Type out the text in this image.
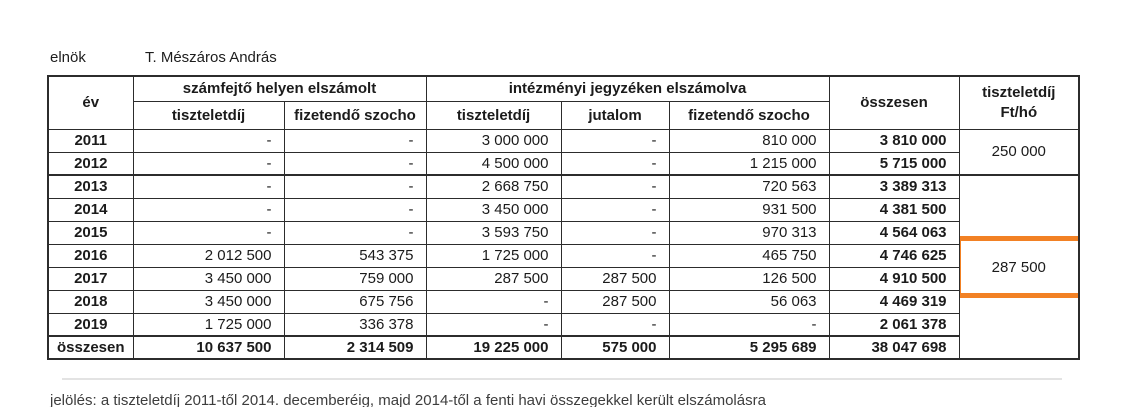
elnök	T. Mészáros András
év	számfejtő helyen elszámolt		intézményi jegyzéken elszámolva			összesen	tiszteletdíj
Ft/hó

	tiszteletdíj	fizetendő szocho	tiszteletdíj	jutalom	fizetendő szocho		
2011	-	-	3 000 000	-	810 000	3 810 000	250 000

2012	-	-	4 500 000	-	1 215 000	5 715 000	
2013	-	-	2 668 750	-	720 563	3 389 313	287 500

2014	-	-	3 450 000	-	931 500	4 381 500	
2015	-	-	3 593 750	-	970 313	4 564 063	
2016	2 012 500	543 375	1 725 000	-	465 750	4 746 625	
2017	3 450 000	759 000	287 500	287 500	126 500	4 910 500	
2018	3 450 000	675 756	-	287 500	56 063	4 469 319	
2019	1 725 000	336 378	-	-	-	2 061 378	
összesen	10 637 500	2 314 509	19 225 000	575 000	5 295 689	38 047 698	
jelölés: a tiszteletdíj 2011-től 2014. decemberéig, majd 2014-től a fenti havi összegekkel került elszámolásra
